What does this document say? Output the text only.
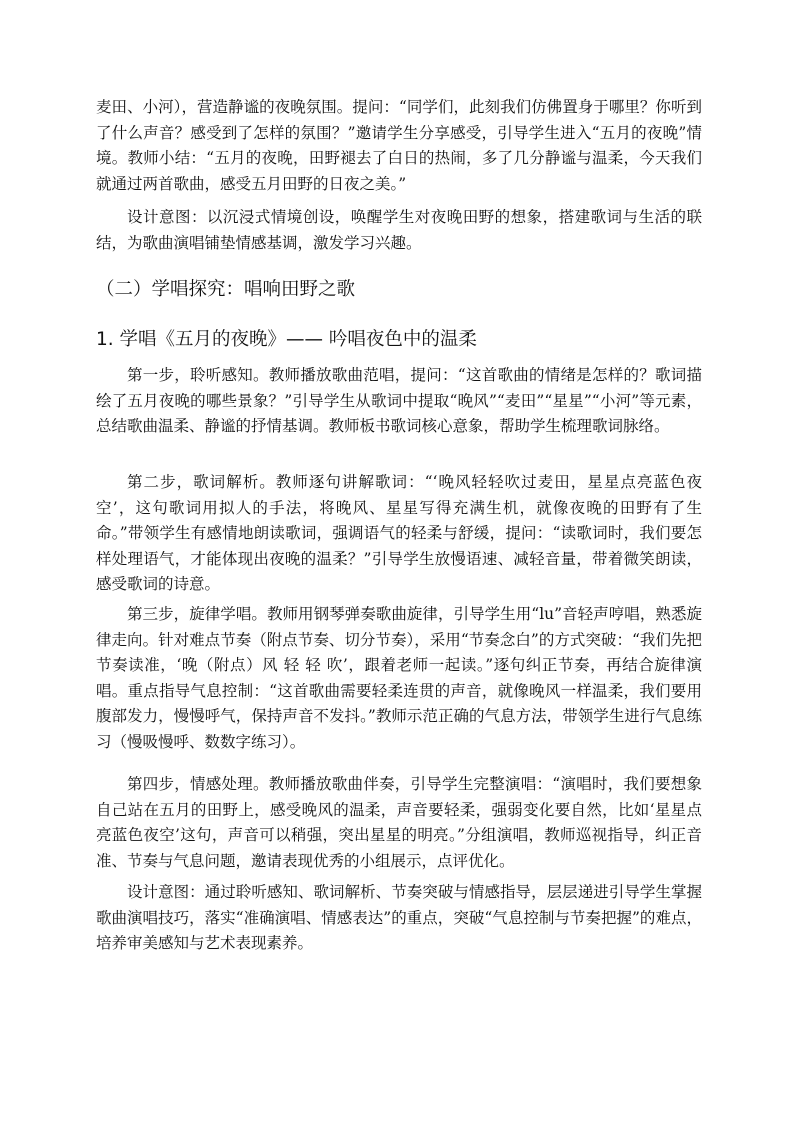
麦田、小河），营造静谧的夜晚氛围。提问：“同学们，此刻我们仿佛置身于哪里？你听到了什么声音？感受到了怎样的氛围？”邀请学生分享感受，引导学生进入“五月的夜晚”情境。教师小结：“五月的夜晚，田野褪去了白日的热闹，多了几分静谧与温柔，今天我们就通过两首歌曲，感受五月田野的日夜之美。”

设计意图：以沉浸式情境创设，唤醒学生对夜晚田野的想象，搭建歌词与生活的联结，为歌曲演唱铺垫情感基调，激发学习兴趣。

（二）学唱探究：唱响田野之歌
1. 学唱《五月的夜晚》—— 吟唱夜色中的温柔

第一步，聆听感知。教师播放歌曲范唱，提问：“这首歌曲的情绪是怎样的？歌词描绘了五月夜晚的哪些景象？”引导学生从歌词中提取“晚风”“麦田”“星星”“小河”等元素，总结歌曲温柔、静谧的抒情基调。教师板书歌词核心意象，帮助学生梳理歌词脉络。

第二步，歌词解析。教师逐句讲解歌词：“‘晚风轻轻吹过麦田，星星点亮蓝色夜空’，这句歌词用拟人的手法，将晚风、星星写得充满生机，就像夜晚的田野有了生命。”带领学生有感情地朗读歌词，强调语气的轻柔与舒缓，提问：“读歌词时，我们要怎样处理语气，才能体现出夜晚的温柔？”引导学生放慢语速、减轻音量，带着微笑朗读，感受歌词的诗意。

第三步，旋律学唱。教师用钢琴弹奏歌曲旋律，引导学生用“lu”音轻声哼唱，熟悉旋律走向。针对难点节奏（附点节奏、切分节奏），采用“节奏念白”的方式突破：“我们先把节奏读准，‘晚（附点）风 轻 轻 吹’，跟着老师一起读。”逐句纠正节奏，再结合旋律演唱。重点指导气息控制：“这首歌曲需要轻柔连贯的声音，就像晚风一样温柔，我们要用腹部发力，慢慢呼气，保持声音不发抖。”教师示范正确的气息方法，带领学生进行气息练习（慢吸慢呼、数数字练习）。

第四步，情感处理。教师播放歌曲伴奏，引导学生完整演唱：“演唱时，我们要想象自己站在五月的田野上，感受晚风的温柔，声音要轻柔，强弱变化要自然，比如‘星星点亮蓝色夜空’这句，声音可以稍强，突出星星的明亮。”分组演唱，教师巡视指导，纠正音准、节奏与气息问题，邀请表现优秀的小组展示，点评优化。

设计意图：通过聆听感知、歌词解析、节奏突破与情感指导，层层递进引导学生掌握歌曲演唱技巧，落实“准确演唱、情感表达”的重点，突破“气息控制与节奏把握”的难点，培养审美感知与艺术表现素养。
